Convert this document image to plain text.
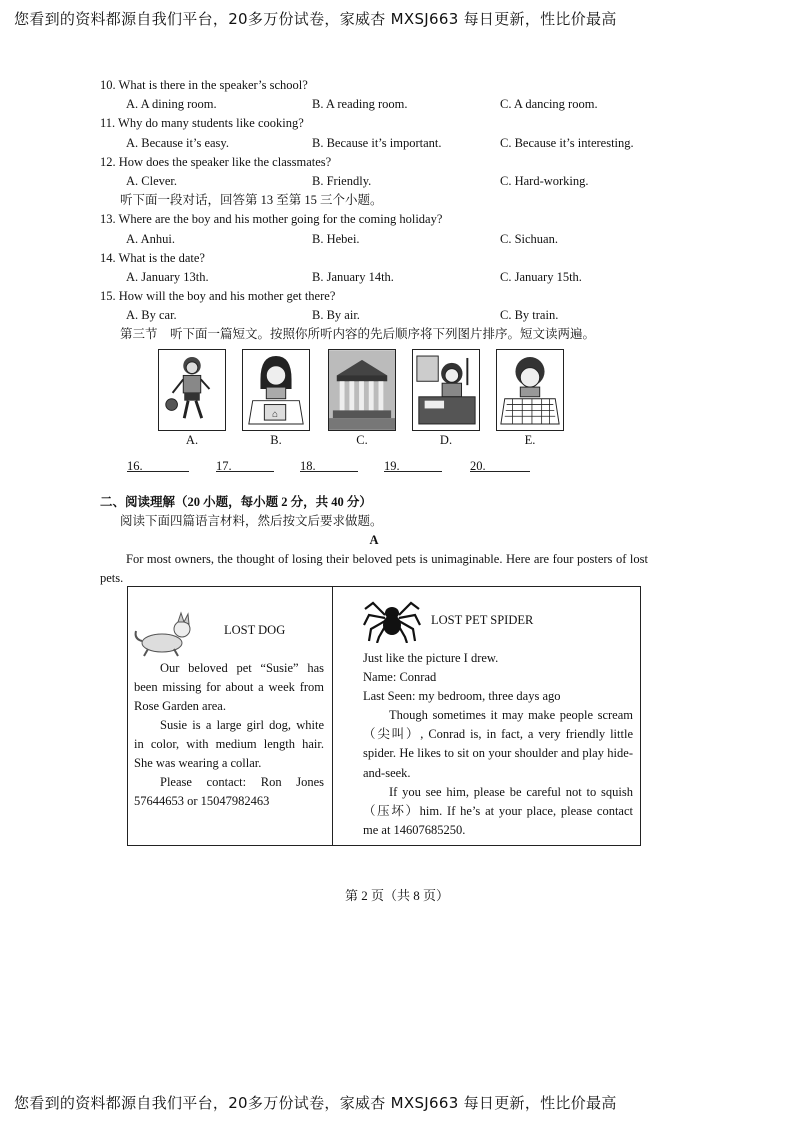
您看到的资料都源自我们平台，20多万份试卷，家威杏 MXSJ663 每日更新，性比价最高
10. What is there in the speaker’s school?
A. A dining room.	B. A reading room.	C. A dancing room.
11. Why do many students like cooking?
A. Because it’s easy.	B. Because it’s important.	C. Because it’s interesting.
12. How does the speaker like the classmates?
A. Clever.	B. Friendly.	C. Hard-working.
听下面一段对话，回答第 13 至第 15 三个小题。
13. Where are the boy and his mother going for the coming holiday?
A. Anhui.	B. Hebei.	C. Sichuan.
14. What is the date?
A. January 13th.	B. January 14th.	C. January 15th.
15. How will the boy and his mother get there?
A. By car.	B. By air.	C. By train.
第三节　听下面一篇短文。按照你所听内容的先后顺序将下列图片排序。短文读两遍。
A.
⌂
B.	C.	D.	E.
16.	17.	18.	19.	20.
二、阅读理解（20 小题，每小题 2 分，共 40 分）
阅读下面四篇语言材料，然后按文后要求做题。
A
For most owners, the thought of losing their beloved pets is unimaginable. Here are four posters of lost pets.
LOST DOG
Our beloved pet “Susie” has been missing for about a week from Rose Garden area.
Susie is a large girl dog, white in color, with medium length hair. She was wearing a collar.
Please contact: Ron Jones 57644653 or 15047982463
LOST PET SPIDER
Just like the picture I drew.
Name: Conrad
Last Seen: my bedroom, three days ago
Though sometimes it may make people scream（尖叫）, Conrad is, in fact, a very friendly little spider. He likes to sit on your shoulder and play hide-and-seek.
If you see him, please be careful not to squish（压坏）him. If he’s at your place, please contact me at 14607685250.
第 2 页（共 8 页）
您看到的资料都源自我们平台，20多万份试卷，家威杏 MXSJ663 每日更新，性比价最高
